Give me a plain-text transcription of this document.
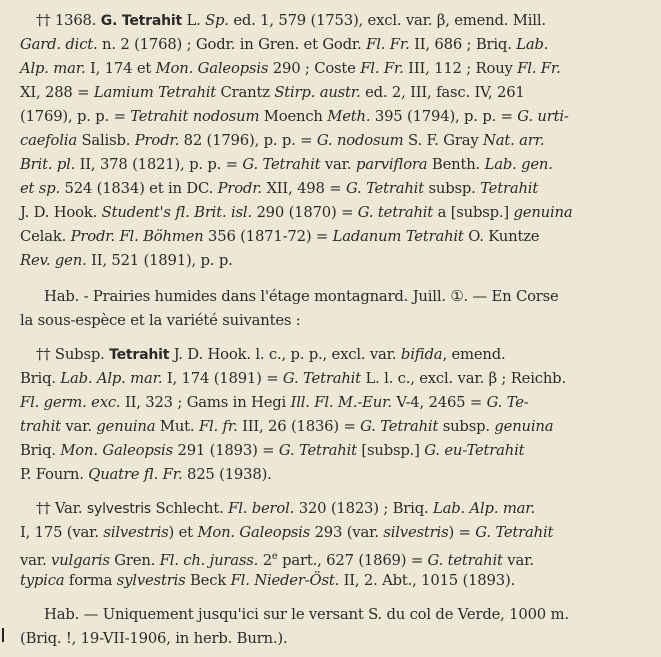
†† 1368. G. Tetrahit L. Sp. ed. 1, 579 (1753), excl. var. β, emend. Mill.
Gard. dict. n. 2 (1768) ; Godr. in Gren. et Godr. Fl. Fr. II, 686 ; Briq. Lab.
Alp. mar. I, 174 et Mon. Galeopsis 290 ; Coste Fl. Fr. III, 112 ; Rouy Fl. Fr.
XI, 288 = Lamium Tetrahit Crantz Stirp. austr. ed. 2, III, fasc. IV, 261
(1769), p. p. = Tetrahit nodosum Moench Meth. 395 (1794), p. p. = G. urti-
caefolia Salisb. Prodr. 82 (1796), p. p. = G. nodosum S. F. Gray Nat. arr.
Brit. pl. II, 378 (1821), p. p. = G. Tetrahit var. parviflora Benth. Lab. gen.
et sp. 524 (1834) et in DC. Prodr. XII, 498 = G. Tetrahit subsp. Tetrahit
J. D. Hook. Student's fl. Brit. isl. 290 (1870) = G. tetrahit a [subsp.] genuina
Celak. Prodr. Fl. Böhmen 356 (1871-72) = Ladanum Tetrahit O. Kuntze
Rev. gen. II, 521 (1891), p. p.
Hab. - Prairies humides dans l'étage montagnard. Juill. ①. — En Corse
la sous-espèce et la variété suivantes :
†† Subsp. Tetrahit J. D. Hook. l. c., p. p., excl. var. bifida, emend.
Briq. Lab. Alp. mar. I, 174 (1891) = G. Tetrahit L. l. c., excl. var. β ; Reichb.
Fl. germ. exc. II, 323 ; Gams in Hegi Ill. Fl. M.-Eur. V-4, 2465 = G. Te-
trahit var. genuina Mut. Fl. fr. III, 26 (1836) = G. Tetrahit subsp. genuina
Briq. Mon. Galeopsis 291 (1893) = G. Tetrahit [subsp.] G. eu-Tetrahit
P. Fourn. Quatre fl. Fr. 825 (1938).
†† Var. sylvestris Schlecht. Fl. berol. 320 (1823) ; Briq. Lab. Alp. mar.
I, 175 (var. silvestris) et Mon. Galeopsis 293 (var. silvestris) = G. Tetrahit
var. vulgaris Gren. Fl. ch. jurass. 2e part., 627 (1869) = G. tetrahit var.
typica forma sylvestris Beck Fl. Nieder-Öst. II, 2. Abt., 1015 (1893).
Hab. — Uniquement jusqu'ici sur le versant S. du col de Verde, 1000 m.
(Briq. !, 19-VII-1906, in herb. Burn.).
